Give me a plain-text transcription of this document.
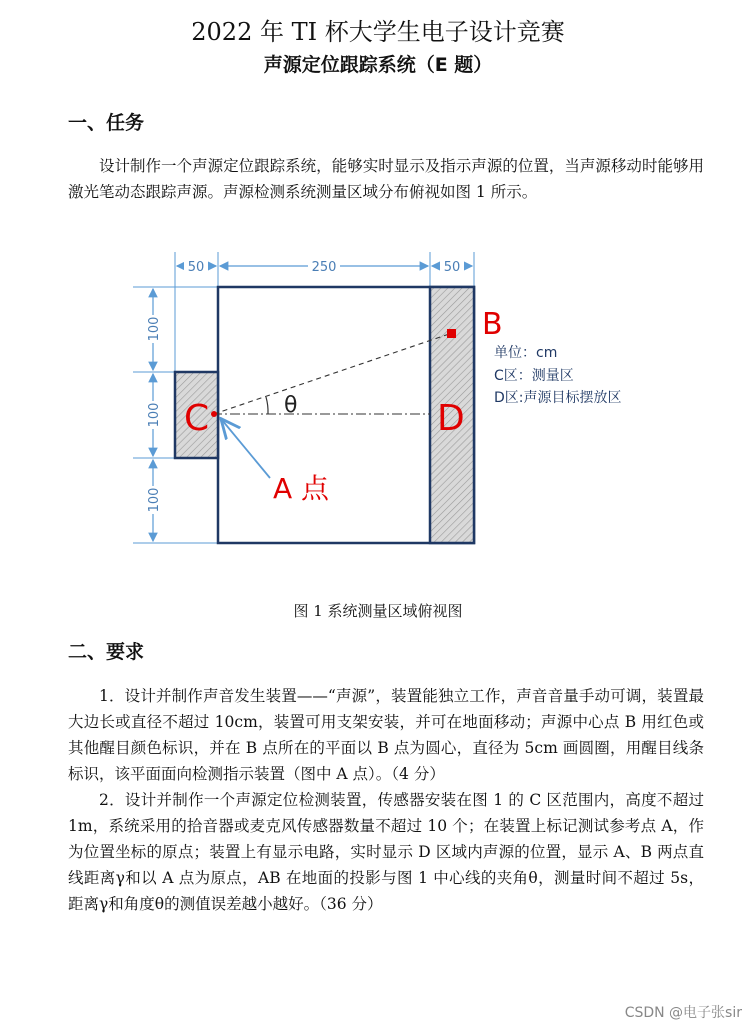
2022 年 TI 杯大学生电子设计竞赛
声源定位跟踪系统（E 题）
一、任务

设计制作一个声源定位跟踪系统，能够实时显示及指示声源的位置，当声源移动时能够用激光笔动态跟踪声源。声源检测系统测量区域分布俯视如图 1 所示。

50	250	50
100
100
100
θ
C	D
B
A 点
单位：cm
C区：测量区
D区:声源目标摆放区
图 1 系统测量区域俯视图
二、要求

1．设计并制作声音发生装置——“声源”，装置能独立工作，声音音量手动可调，装置最大边长或直径不超过 10cm，装置可用支架安装，并可在地面移动；声源中心点 B 用红色或其他醒目颜色标识，并在 B 点所在的平面以 B 点为圆心，直径为 5cm 画圆圈，用醒目线条标识，该平面面向检测指示装置（图中 A 点）。（4 分）

2．设计并制作一个声源定位检测装置，传感器安装在图 1 的 C 区范围内，高度不超过 1m，系统采用的拾音器或麦克风传感器数量不超过 10 个；在装置上标记测试参考点 A，作为位置坐标的原点；装置上有显示电路，实时显示 D 区域内声源的位置，显示 A、B 两点直线距离γ和以 A 点为原点，AB 在地面的投影与图 1 中心线的夹角θ，测量时间不超过 5s，距离γ和角度θ的测值误差越小越好。（36 分）

CSDN @电子张sir
